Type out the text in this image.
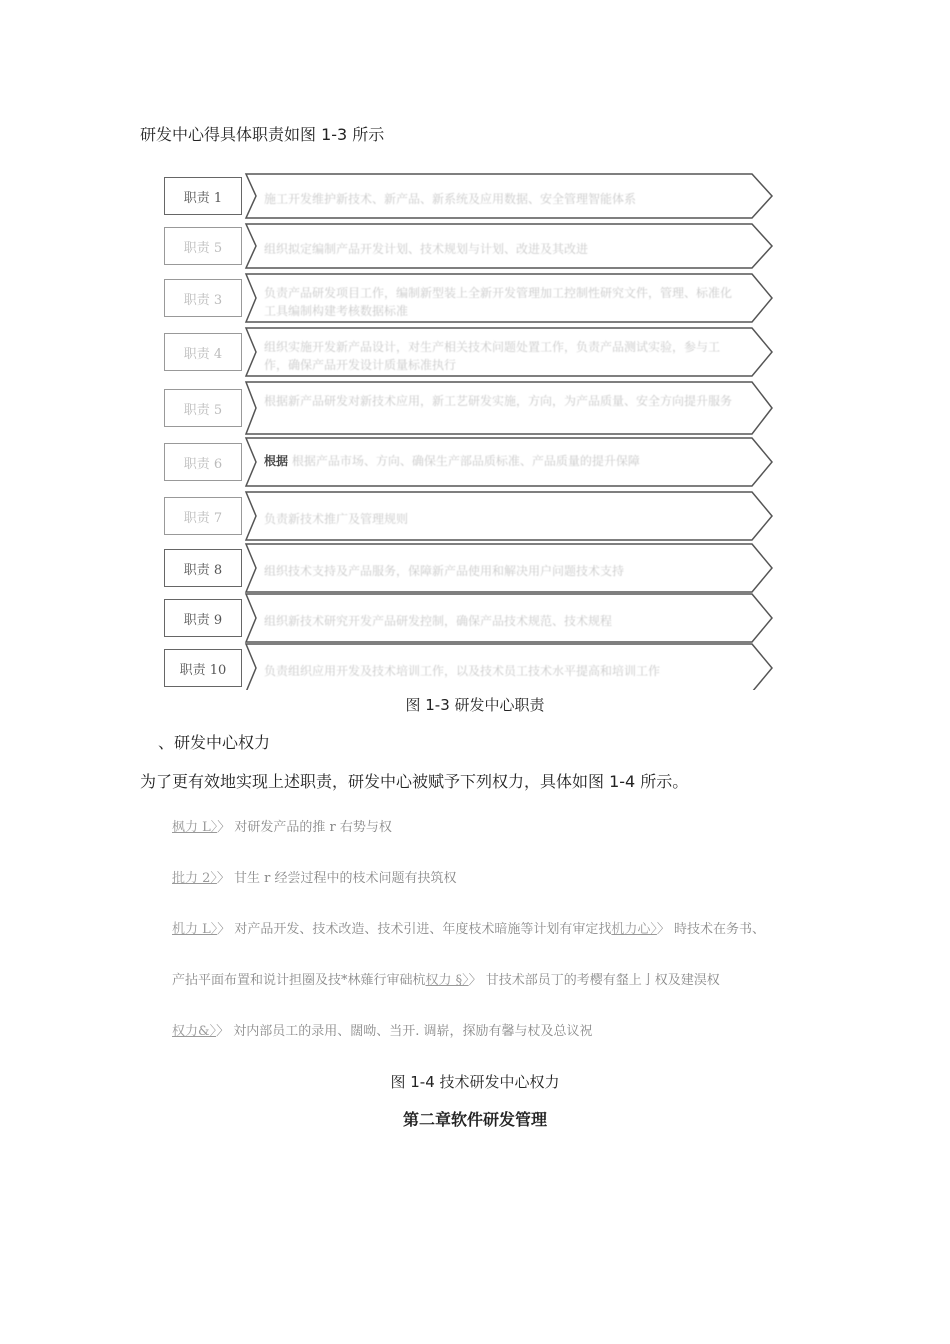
研发中心得具体职责如图 1-3 所示
职责 1
职责 5
职责 3
职责 4
职责 5
职责 6
职责 7
职责 8
职责 9
职责 10
施工开发维护新技术、新产品、新系统及应用数据、安全管理智能体系
组织拟定编制产品开发计划、技术规划与计划、改进及其改进
负责产品研发项目工作，编制新型装上全新开发管理加工控制性研究文件，管理、标准化工具编制构建考核数据标准
组织实施开发新产品设计，对生产相关技术问题处置工作，负责产品测试实验，参与工作，确保产品开发设计质量标准执行
根据新产品研发对新技术应用，新工艺研发实施，方向，为产品质量、安全方向提升服务
根据 根据产品市场、方向、确保生产部品质标准、产品质量的提升保障
负责新技术推广及管理规则
组织技术支持及产品服务，保障新产品使用和解决用户问题技术支持
组织新技术研究开发产品研发控制，确保产品技术规范、技术规程
负责组织应用开发及技术培训工作，以及技术员工技术水平提高和培训工作
图 1-3 研发中心职责
、研发中心权力
为了更有效地实现上述职责，研发中心被赋予下列权力，具体如图 1-4 所示。
枫力 L〉〉 对研发产品的推 r 右势与权
批力 2〉〉 甘生 r 经尝过程中的枝术问题有抉筑权
机力 L〉〉 对产品开发、技术改造、技术引进、年度枝术暗施等计划有审定找机力心〉〉 時技术在务书、
产拈平面布置和说计担圈及技*林薙行审础杭权力 §〉〉 甘技术部员丁的考樱有韰上亅权及建淏权
权力&〉〉 対内部员工的录用、闊呦、当开. 调崭，探励有馨与杖及总议祝
图 1-4 技术研发中心权力
第二章软件研发管理
